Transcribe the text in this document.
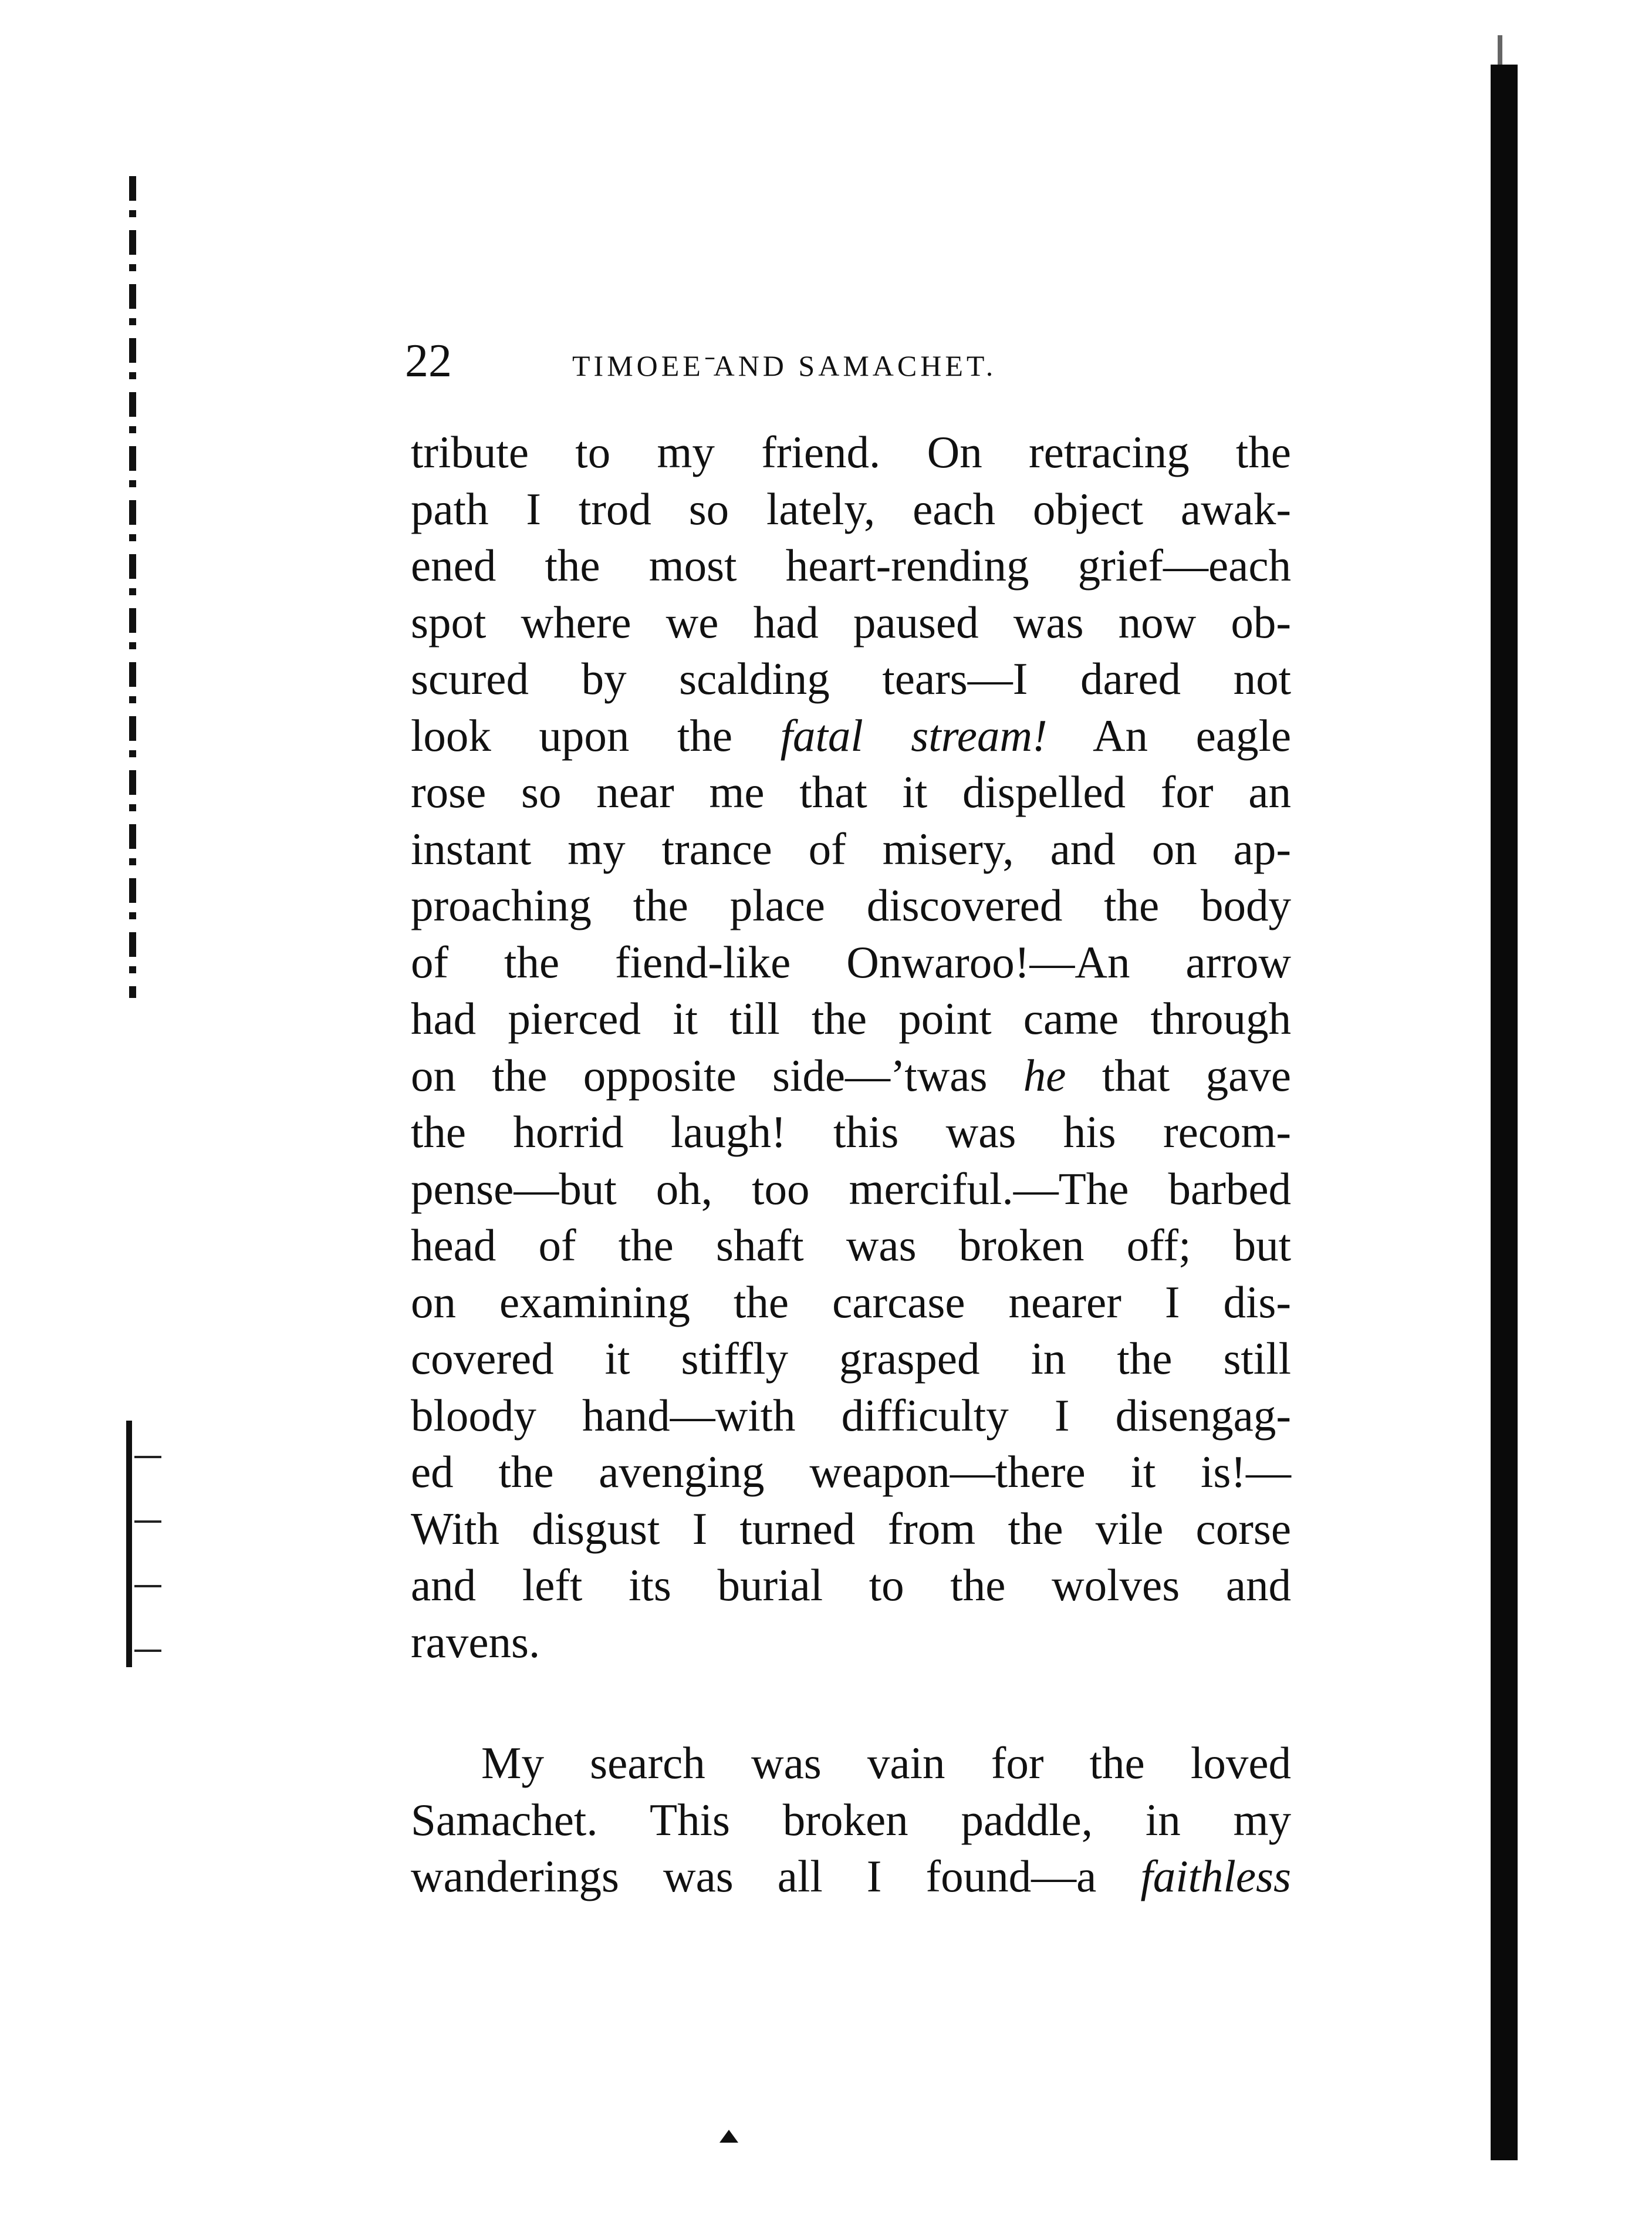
22	TIMOEE ̄AND SAMACHET.
tribute to my friend. On retracing the
path I trod so lately, each object awak-
ened the most heart-rending grief—each
spot where we had paused was now ob-
scured by scalding tears—I dared not
look upon the fatal stream! An eagle
rose so near me that it dispelled for an
instant my trance of misery, and on ap-
proaching the place discovered the body
of the fiend-like Onwaroo!—An arrow
had pierced it till the point came through
on the opposite side—’twas he that gave
the horrid laugh! this was his recom-
pense—but oh, too merciful.—The barbed
head of the shaft was broken off; but
on examining the carcase nearer I dis-
covered it stiffly grasped in the still
bloody hand—with difficulty I disengag-
ed the avenging weapon—there it is!—
With disgust I turned from the vile corse
and left its burial to the wolves and
ravens.
My search was vain for the loved
Samachet. This broken paddle, in my
wanderings was all I found—a faithless
